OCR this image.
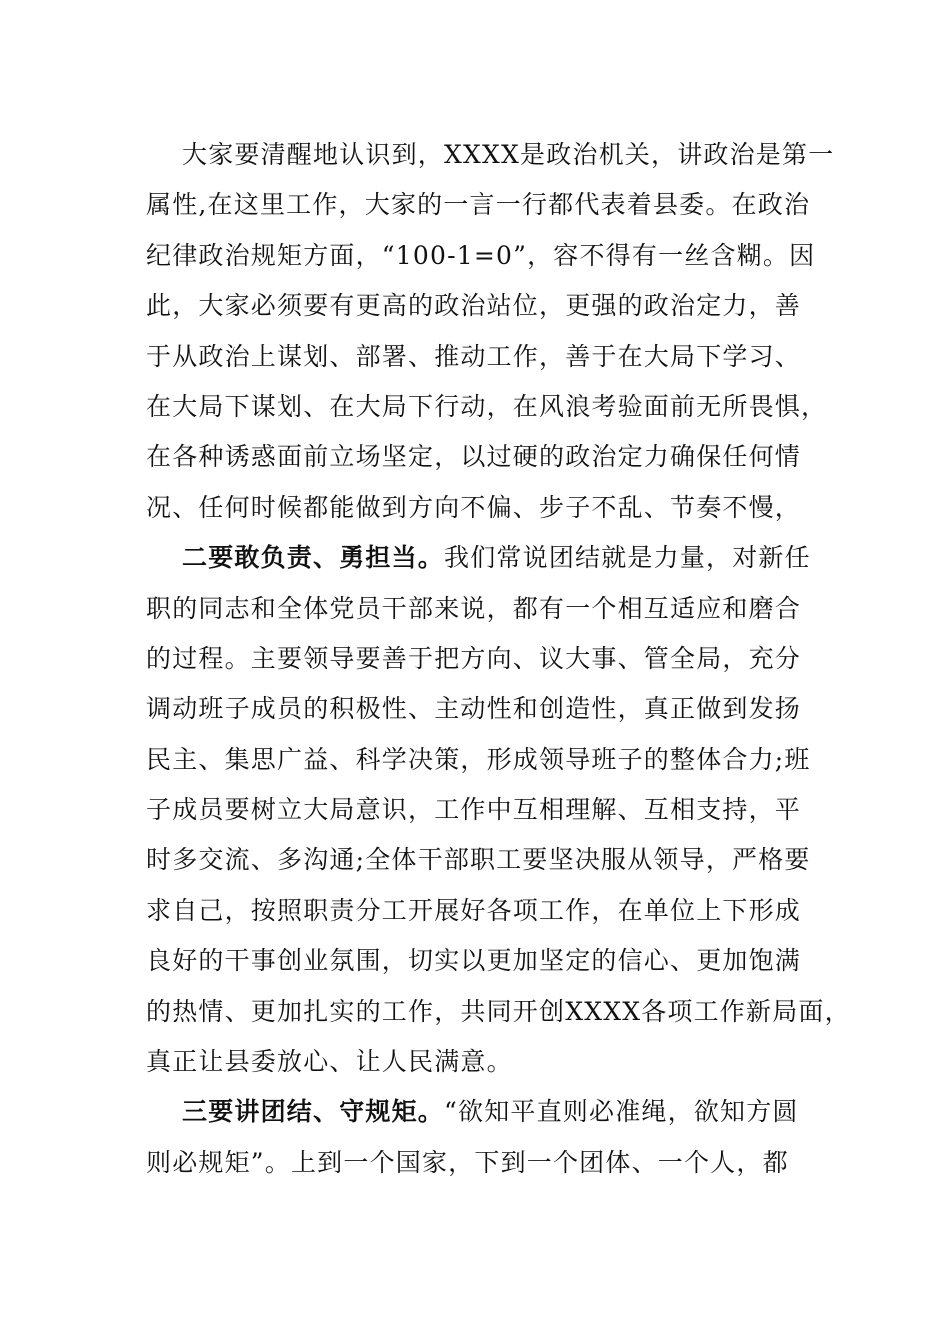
大家要清醒地认识到，XXXX是政治机关，讲政治是第一
属性,在这里工作，大家的一言一行都代表着县委。在政治
纪律政治规矩方面，“100-1=0”，容不得有一丝含糊。因
此，大家必须要有更高的政治站位，更强的政治定力，善
于从政治上谋划、部署、推动工作，善于在大局下学习、
在大局下谋划、在大局下行动，在风浪考验面前无所畏惧，
在各种诱惑面前立场坚定，以过硬的政治定力确保任何情
况、任何时候都能做到方向不偏、步子不乱、节奏不慢，
二要敢负责、勇担当。我们常说团结就是力量，对新任
职的同志和全体党员干部来说，都有一个相互适应和磨合
的过程。主要领导要善于把方向、议大事、管全局，充分
调动班子成员的积极性、主动性和创造性，真正做到发扬
民主、集思广益、科学决策，形成领导班子的整体合力;班
子成员要树立大局意识，工作中互相理解、互相支持，平
时多交流、多沟通;全体干部职工要坚决服从领导，严格要
求自己，按照职责分工开展好各项工作，在单位上下形成
良好的干事创业氛围，切实以更加坚定的信心、更加饱满
的热情、更加扎实的工作，共同开创XXXX各项工作新局面，
真正让县委放心、让人民满意。
三要讲团结、守规矩。“欲知平直则必准绳，欲知方圆
则必规矩”。上到一个国家，下到一个团体、一个人，都
